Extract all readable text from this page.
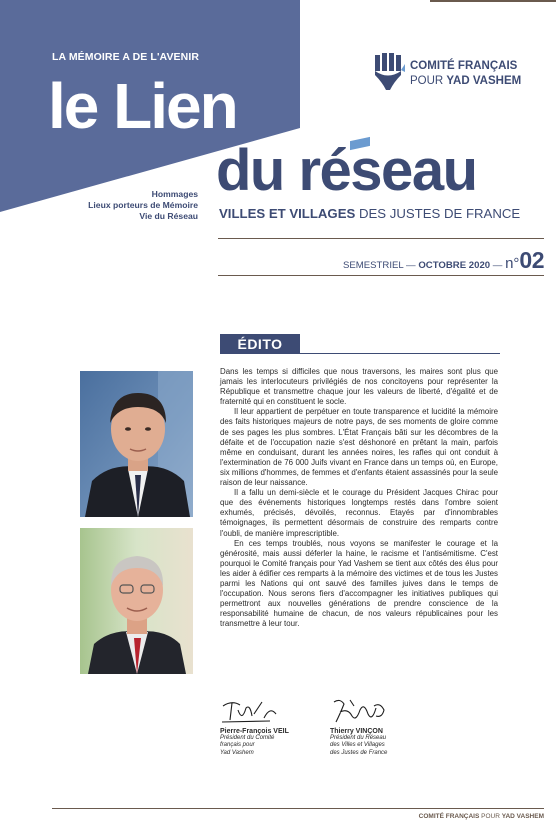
LA MÉMOIRE A DE L'AVENIR
le Lien
du réseau
Hommages
Lieux porteurs de Mémoire
Vie du Réseau VILLES ET VILLAGES DES JUSTES DE FRANCE
COMITÉ FRANÇAIS
POUR YAD VASHEM
SEMESTRIEL — OCTOBRE 2020 — n°02
ÉDITO

Dans les temps si difficiles que nous traversons, les maires sont plus que jamais les interlocuteurs privilégiés de nos concitoyens pour représenter la République et transmettre chaque jour les valeurs de liberté, d'égalité et de fraternité qui en constituent le socle.

Il leur appartient de perpétuer en toute transparence et lucidité la mémoire des faits historiques majeurs de notre pays, de ses moments de gloire comme de ses pages les plus sombres. L'État Français bâti sur les décombres de la défaite et de l'occupation nazie s'est déshonoré en prêtant la main, parfois même en conduisant, durant les années noires, les rafles qui ont conduit à l'extermination de 76 000 Juifs vivant en France dans un temps où, en Europe, six millions d'hommes, de femmes et d'enfants étaient assassinés pour la seule raison de leur naissance.

Il a fallu un demi-siècle et le courage du Président Jacques Chirac pour que des événements historiques longtemps restés dans l'ombre soient exhumés, précisés, dévoilés, reconnus. Etayés par d'innombrables témoignages, ils permettent désormais de construire des remparts contre l'oubli, de manière imprescriptible.

En ces temps troublés, nous voyons se manifester le courage et la générosité, mais aussi déferler la haine, le racisme et l'antisémitisme. C'est pourquoi le Comité français pour Yad Vashem se tient aux côtés des élus pour les aider à édifier ces remparts à la mémoire des victimes et de tous les Justes parmi les Nations qui ont sauvé des familles juives dans le temps de l'occupation. Nous serons fiers d'accompagner les initiatives publiques qui permettront aux nouvelles générations de prendre conscience de la responsabilité humaine de chacun, de nos valeurs républicaines pour les transmettre à leur tour.

Pierre-François VEIL
Président du Comité
français pour
Yad Vashem
Thierry VINÇON
Président du Réseau
des Villes et Villages
des Justes de France
COMITÉ FRANÇAIS POUR YAD VASHEM
